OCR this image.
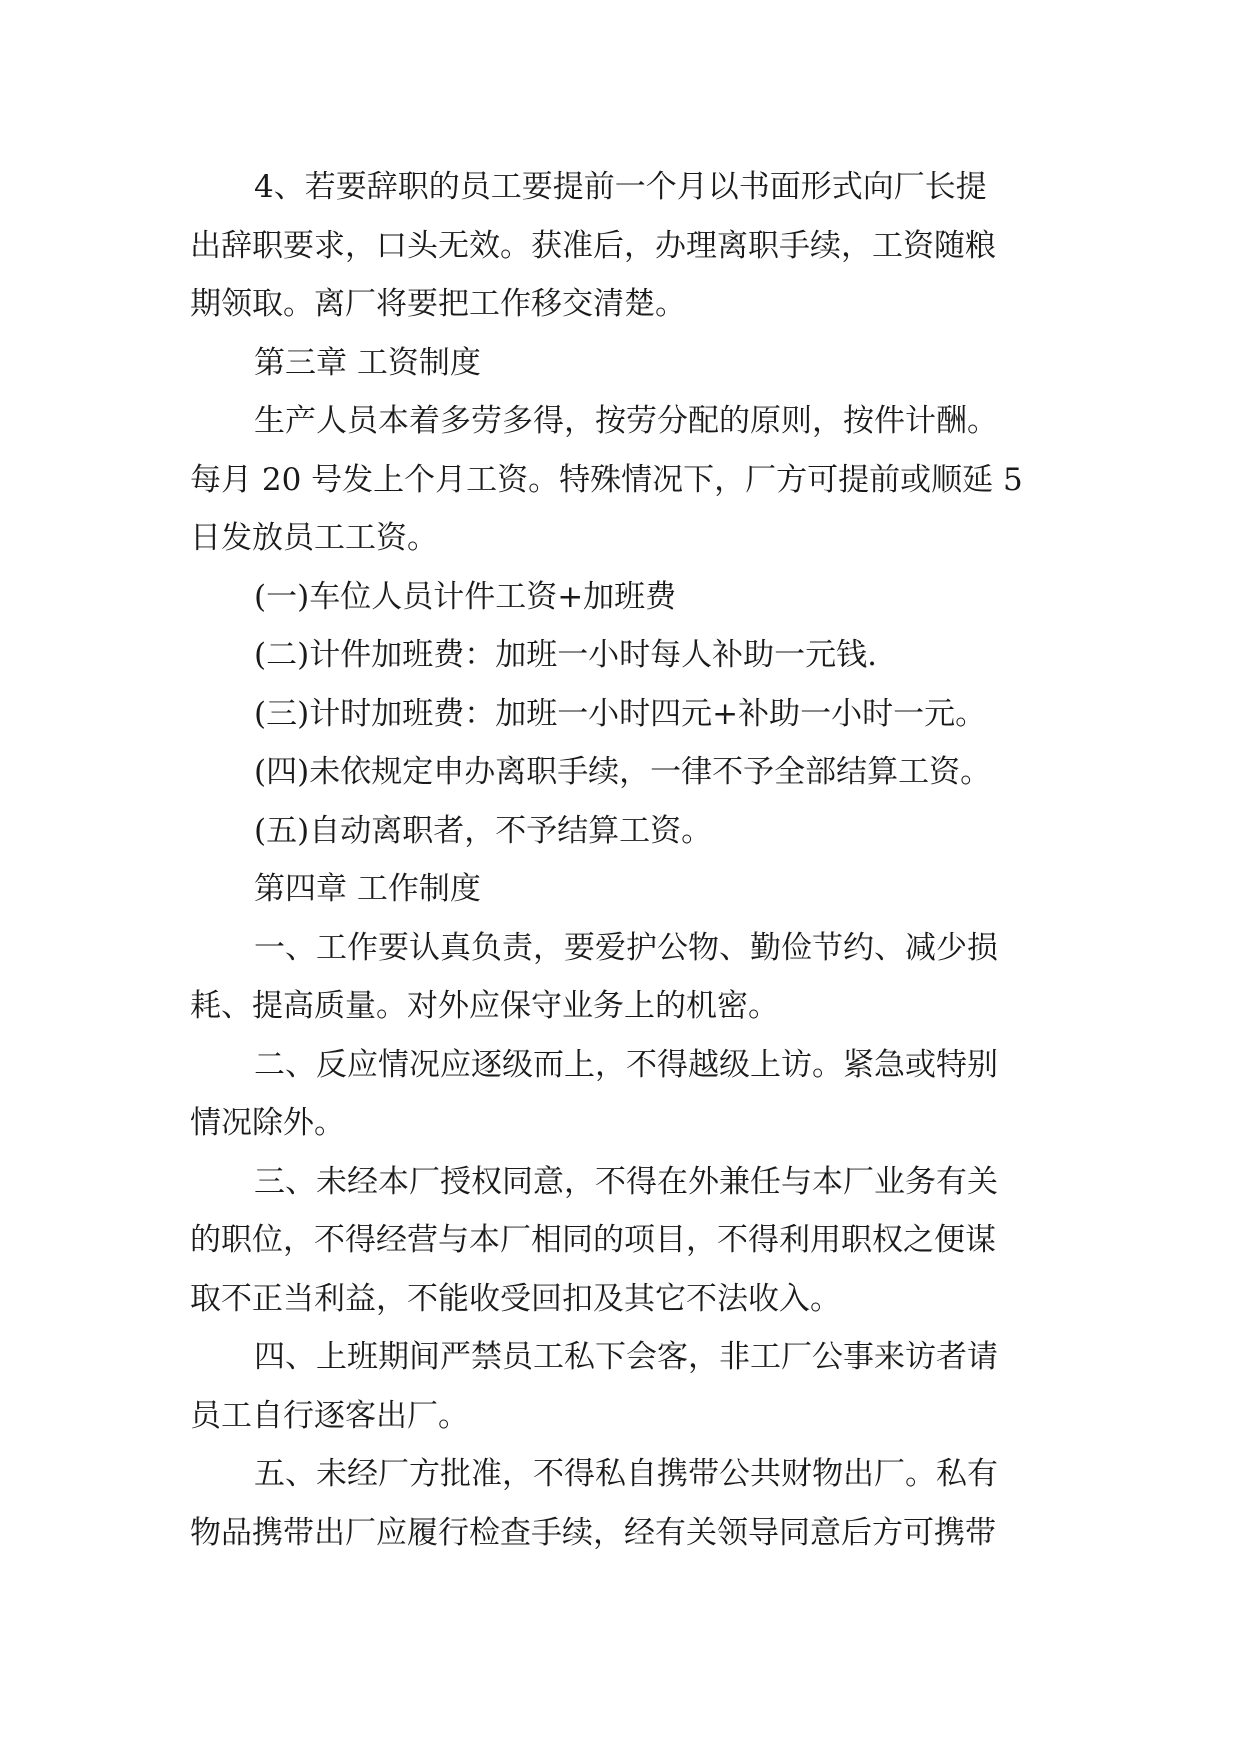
4、若要辞职的员工要提前一个月以书面形式向厂长提
出辞职要求，口头无效。获准后，办理离职手续，工资随粮
期领取。离厂将要把工作移交清楚。
第三章 工资制度
生产人员本着多劳多得，按劳分配的原则，按件计酬。
每月 20 号发上个月工资。特殊情况下，厂方可提前或顺延 5
日发放员工工资。
(一)车位人员计件工资+加班费
(二)计件加班费：加班一小时每人补助一元钱.
(三)计时加班费：加班一小时四元+补助一小时一元。
(四)未依规定申办离职手续，一律不予全部结算工资。
(五)自动离职者，不予结算工资。
第四章 工作制度
一、工作要认真负责，要爱护公物、勤俭节约、减少损
耗、提高质量。对外应保守业务上的机密。
二、反应情况应逐级而上，不得越级上访。紧急或特别
情况除外。
三、未经本厂授权同意，不得在外兼任与本厂业务有关
的职位，不得经营与本厂相同的项目，不得利用职权之便谋
取不正当利益，不能收受回扣及其它不法收入。
四、上班期间严禁员工私下会客，非工厂公事来访者请
员工自行逐客出厂。
五、未经厂方批准，不得私自携带公共财物出厂。私有
物品携带出厂应履行检查手续，经有关领导同意后方可携带
